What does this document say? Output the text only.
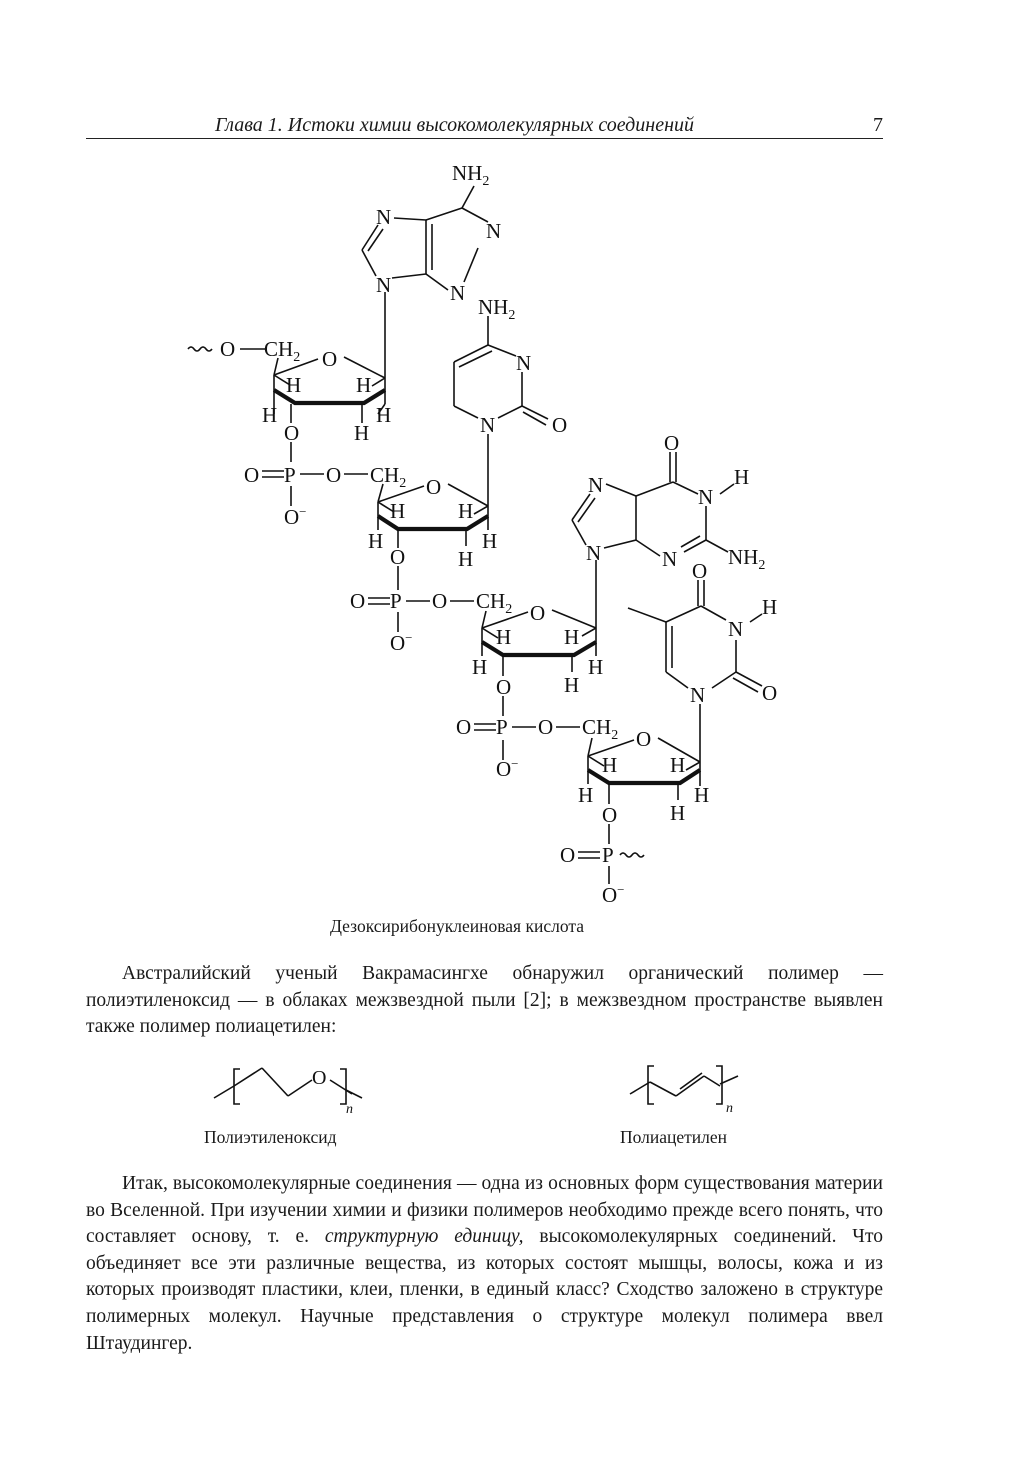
Глава 1. Истоки химии высокомолекулярных соединений	7
$NH_2$
N
N
N
N
$NH_2$
N
N	O
O
N
H
N
N $NH_2$
N
O
N
H
O
N
O $CH_2$ O
H	H
H	H
O	H
O P O $CH_2$
O−
O
H	H
H	H
O	H
O P O $CH_2$
O−
O
H	H
H	H
O	H
O P O $CH_2$
O−
O
H	H
H	H
O	H
O P
O−
O
n	n
Дезоксирибонуклеиновая кислота

Австралийский ученый Вакрамасингхе обнаружил органический полимер — полиэтиленоксид — в облаках межзвездной пыли [2]; в межзвездном пространстве выявлен также полимер полиацетилен:

Полиэтиленоксид	Полиацетилен

Итак, высокомолекулярные соединения — одна из основных форм существования материи во Вселенной. При изучении химии и физики полимеров необходимо прежде всего понять, что составляет основу, т. е. структурную единицу, высокомолекулярных соединений. Что объединяет все эти различные вещества, из которых состоят мышцы, волосы, кожа и из которых производят пластики, клеи, пленки, в единый класс? Сходство заложено в структуре полимерных молекул. Научные представления о структуре молекул полимера ввел Штаудингер.
